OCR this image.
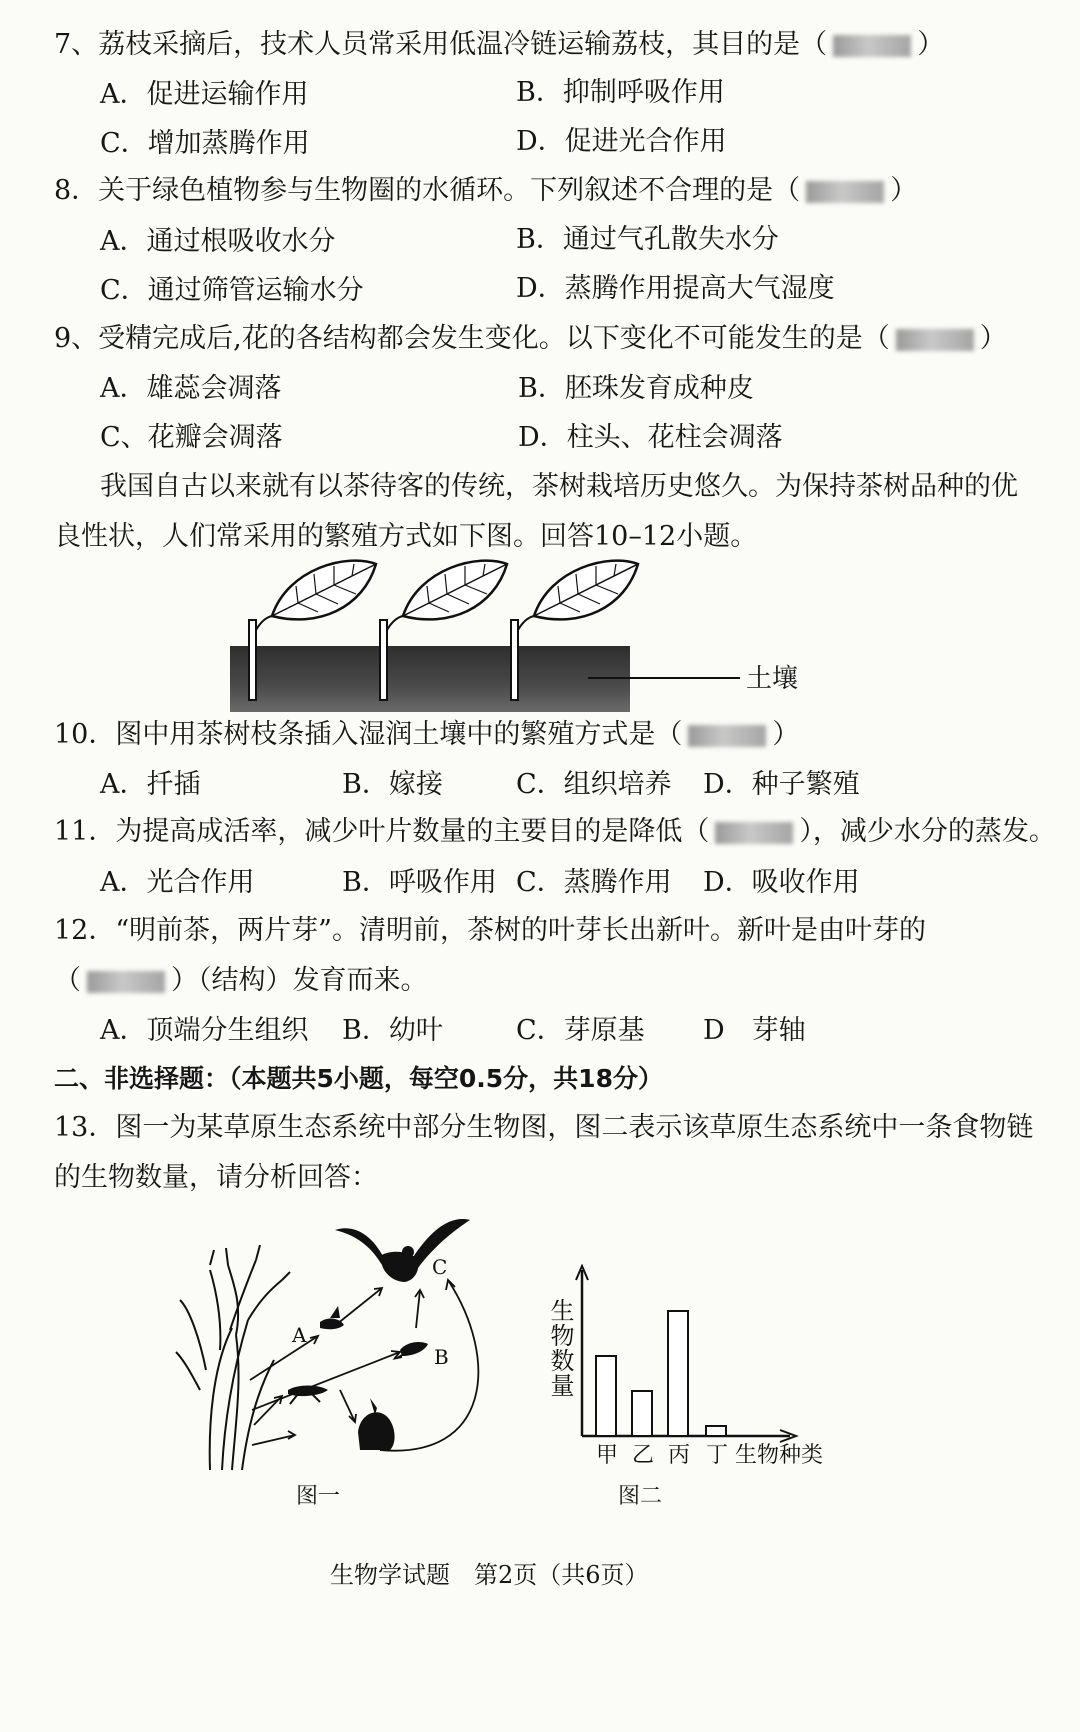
7、荔枝采摘后，技术人员常采用低温冷链运输荔枝，其目的是（	）
A．促进运输作用	B．抑制呼吸作用
C．增加蒸腾作用	D．促进光合作用
8．关于绿色植物参与生物圈的水循环。下列叙述不合理的是（	）
A．通过根吸收水分	B．通过气孔散失水分
C．通过筛管运输水分	D．蒸腾作用提高大气湿度
9、受精完成后,花的各结构都会发生变化。以下变化不可能发生的是（	）
A．雄蕊会凋落	B．胚珠发育成种皮
C、花瓣会凋落	D．柱头、花柱会凋落
我国自古以来就有以茶待客的传统，茶树栽培历史悠久。为保持茶树品种的优
良性状，人们常采用的繁殖方式如下图。回答10–12小题。
土壤
10．图中用茶树枝条插入湿润土壤中的繁殖方式是（	）
A．扦插	B．嫁接	C．组织培养 D．种子繁殖
11．为提高成活率，减少叶片数量的主要目的是降低（	），减少水分的蒸发。
A．光合作用	B．呼吸作用 C．蒸腾作用 D．吸收作用
12．“明前茶，两片芽”。清明前，茶树的叶芽长出新叶。新叶是由叶芽的
（	）（结构）发育而来。
A．顶端分生组织 B．幼叶	C．芽原基 D　芽轴
二、非选择题：（本题共5小题，每空0.5分，共18分）
13．图一为某草原生态系统中部分生物图，图二表示该草原生态系统中一条食物链
的生物数量，请分析回答：
A
B
C
图一
生物数量
生物种类
甲 乙 丙 丁
图二
生物学试题　第2页（共6页）
